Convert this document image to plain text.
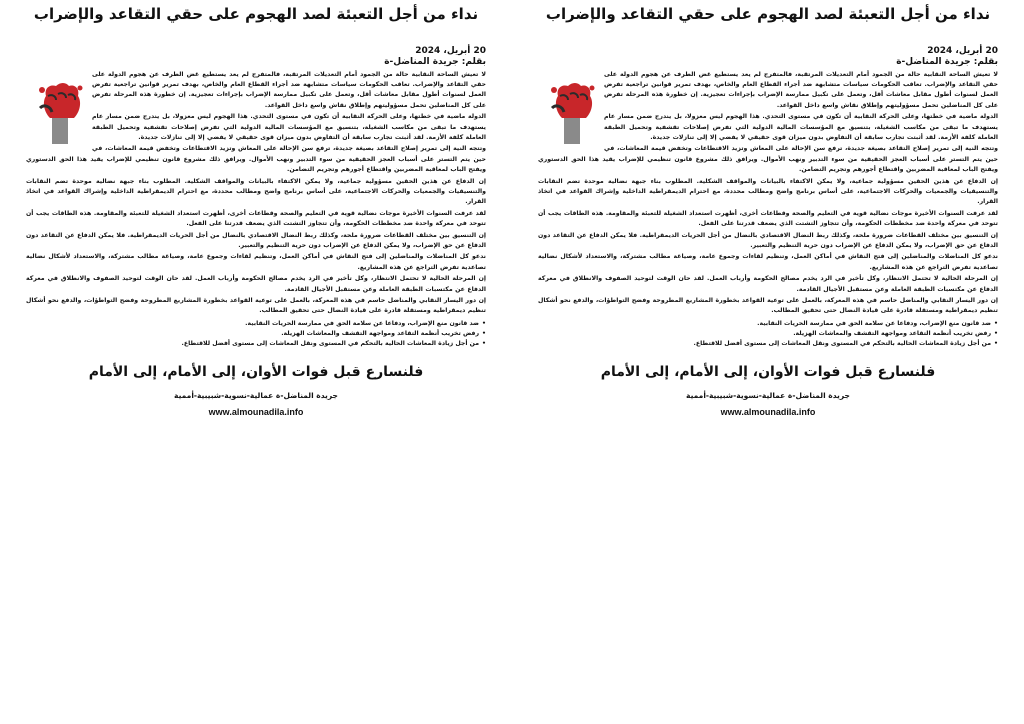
نداء من أجل التعبئة لصد الهجوم على حقي التقاعد والإضراب
20 أبريل، 2024
بقلم: جريدة المناضل-ة

لا تعيش الساحة النقابية حالة من الجمود أمام التعديلات المرتقبة، فالمتفرج لم يعد يستطيع غض الطرف عن هجوم الدولة على حقي التقاعد والإضراب. تعاقب الحكومات سياسات متشابهة ضد أجراء القطاع العام والخاص، بهدف تمرير قوانين تراجعية تفرض العمل لسنوات أطول مقابل معاشات أقل، وتعمل على تكبيل ممارسة الإضراب بإجراءات تعجيزية. إن خطورة هذه المرحلة تفرض على كل المناضلين تحمل مسؤوليتهم وإطلاق نقاش واسع داخل القواعد.

الدولة ماضية في خطتها، وعلى الحركة النقابية أن تكون في مستوى التحدي. هذا الهجوم ليس معزولا، بل يندرج ضمن مسار عام يستهدف ما تبقى من مكاسب الشغيلة، بتنسيق مع المؤسسات المالية الدولية التي تفرض إصلاحات تقشفية وتحميل الطبقة العاملة كلفة الأزمة. لقد أثبتت تجارب سابقة أن التفاوض بدون ميزان قوى حقيقي لا يفضي إلا إلى تنازلات جديدة.

وتتجه النية إلى تمرير إصلاح التقاعد بصيغة جديدة، ترفع سن الإحالة على المعاش وتزيد الاقتطاعات وتخفض قيمة المعاشات، في حين يتم التستر على أسباب العجز الحقيقية من سوء التدبير ونهب الأموال. ويرافق ذلك مشروع قانون تنظيمي للإضراب يقيد هذا الحق الدستوري ويفتح الباب لمعاقبة المضربين واقتطاع أجورهم وتجريم التضامن.

إن الدفاع عن هذين الحقين مسؤولية جماعية، ولا يمكن الاكتفاء بالبيانات والمواقف الشكلية. المطلوب بناء جبهة نضالية موحدة تضم النقابات والتنسيقيات والجمعيات والحركات الاجتماعية، على أساس برنامج واضح ومطالب محددة، مع احترام الديمقراطية الداخلية وإشراك القواعد في اتخاذ القرار.

لقد عرفت السنوات الأخيرة موجات نضالية قوية في التعليم والصحة وقطاعات أخرى، أظهرت استعداد الشغيلة للتعبئة والمقاومة. هذه الطاقات يجب أن تتوحد في معركة واحدة ضد مخططات الحكومة، وأن تتجاوز التشتت الذي يضعف قدرتنا على الفعل.

إن التنسيق بين مختلف القطاعات ضرورة ملحة، وكذلك ربط النضال الاقتصادي بالنضال من أجل الحريات الديمقراطية. فلا يمكن الدفاع عن التقاعد دون الدفاع عن حق الإضراب، ولا يمكن الدفاع عن الإضراب دون حرية التنظيم والتعبير.

ندعو كل المناضلات والمناضلين إلى فتح النقاش في أماكن العمل، وتنظيم لقاءات وجموع عامة، وصياغة مطالب مشتركة، والاستعداد لأشكال نضالية تصاعدية تفرض التراجع عن هذه المشاريع.

إن المرحلة الحالية لا تحتمل الانتظار، وكل تأخير في الرد يخدم مصالح الحكومة وأرباب العمل. لقد حان الوقت لتوحيد الصفوف والانطلاق في معركة الدفاع عن مكتسبات الطبقة العاملة وعن مستقبل الأجيال القادمة.

إن دور اليسار النقابي والمناضل حاسم في هذه المعركة، بالعمل على توعية القواعد بخطورة المشاريع المطروحة وفضح التواطؤات، والدفع نحو أشكال تنظيم ديمقراطية ومستقلة قادرة على قيادة النضال حتى تحقيق المطالب.

• ضد قانون منع الإضراب، ودفاعا عن سلامة الحق في ممارسة الحريات النقابية.
• رفض تخريب أنظمة التقاعد ومواجهة التقشف والمعاشات الهزيلة.
• من أجل زيادة المعاشات الحالية بالتحكم في المستوى ونقل المعاشات إلى مستوى أفضل للاقتطاع.
فلنسارع قبل فوات الأوان، إلى الأمام، إلى الأمام
جريدة المناضل-ة عمالية-نسوية-شبيبية-أممية
www.almounadila.info
نداء من أجل التعبئة لصد الهجوم على حقي التقاعد والإضراب
20 أبريل، 2024
بقلم: جريدة المناضل-ة

لا تعيش الساحة النقابية حالة من الجمود أمام التعديلات المرتقبة، فالمتفرج لم يعد يستطيع غض الطرف عن هجوم الدولة على حقي التقاعد والإضراب. تعاقب الحكومات سياسات متشابهة ضد أجراء القطاع العام والخاص، بهدف تمرير قوانين تراجعية تفرض العمل لسنوات أطول مقابل معاشات أقل، وتعمل على تكبيل ممارسة الإضراب بإجراءات تعجيزية. إن خطورة هذه المرحلة تفرض على كل المناضلين تحمل مسؤوليتهم وإطلاق نقاش واسع داخل القواعد.

الدولة ماضية في خطتها، وعلى الحركة النقابية أن تكون في مستوى التحدي. هذا الهجوم ليس معزولا، بل يندرج ضمن مسار عام يستهدف ما تبقى من مكاسب الشغيلة، بتنسيق مع المؤسسات المالية الدولية التي تفرض إصلاحات تقشفية وتحميل الطبقة العاملة كلفة الأزمة. لقد أثبتت تجارب سابقة أن التفاوض بدون ميزان قوى حقيقي لا يفضي إلا إلى تنازلات جديدة.

وتتجه النية إلى تمرير إصلاح التقاعد بصيغة جديدة، ترفع سن الإحالة على المعاش وتزيد الاقتطاعات وتخفض قيمة المعاشات، في حين يتم التستر على أسباب العجز الحقيقية من سوء التدبير ونهب الأموال. ويرافق ذلك مشروع قانون تنظيمي للإضراب يقيد هذا الحق الدستوري ويفتح الباب لمعاقبة المضربين واقتطاع أجورهم وتجريم التضامن.

إن الدفاع عن هذين الحقين مسؤولية جماعية، ولا يمكن الاكتفاء بالبيانات والمواقف الشكلية. المطلوب بناء جبهة نضالية موحدة تضم النقابات والتنسيقيات والجمعيات والحركات الاجتماعية، على أساس برنامج واضح ومطالب محددة، مع احترام الديمقراطية الداخلية وإشراك القواعد في اتخاذ القرار.

لقد عرفت السنوات الأخيرة موجات نضالية قوية في التعليم والصحة وقطاعات أخرى، أظهرت استعداد الشغيلة للتعبئة والمقاومة. هذه الطاقات يجب أن تتوحد في معركة واحدة ضد مخططات الحكومة، وأن تتجاوز التشتت الذي يضعف قدرتنا على الفعل.

إن التنسيق بين مختلف القطاعات ضرورة ملحة، وكذلك ربط النضال الاقتصادي بالنضال من أجل الحريات الديمقراطية. فلا يمكن الدفاع عن التقاعد دون الدفاع عن حق الإضراب، ولا يمكن الدفاع عن الإضراب دون حرية التنظيم والتعبير.

ندعو كل المناضلات والمناضلين إلى فتح النقاش في أماكن العمل، وتنظيم لقاءات وجموع عامة، وصياغة مطالب مشتركة، والاستعداد لأشكال نضالية تصاعدية تفرض التراجع عن هذه المشاريع.

إن المرحلة الحالية لا تحتمل الانتظار، وكل تأخير في الرد يخدم مصالح الحكومة وأرباب العمل. لقد حان الوقت لتوحيد الصفوف والانطلاق في معركة الدفاع عن مكتسبات الطبقة العاملة وعن مستقبل الأجيال القادمة.

إن دور اليسار النقابي والمناضل حاسم في هذه المعركة، بالعمل على توعية القواعد بخطورة المشاريع المطروحة وفضح التواطؤات، والدفع نحو أشكال تنظيم ديمقراطية ومستقلة قادرة على قيادة النضال حتى تحقيق المطالب.

• ضد قانون منع الإضراب، ودفاعا عن سلامة الحق في ممارسة الحريات النقابية.
• رفض تخريب أنظمة التقاعد ومواجهة التقشف والمعاشات الهزيلة.
• من أجل زيادة المعاشات الحالية بالتحكم في المستوى ونقل المعاشات إلى مستوى أفضل للاقتطاع.
فلنسارع قبل فوات الأوان، إلى الأمام، إلى الأمام
جريدة المناضل-ة عمالية-نسوية-شبيبية-أممية
www.almounadila.info
